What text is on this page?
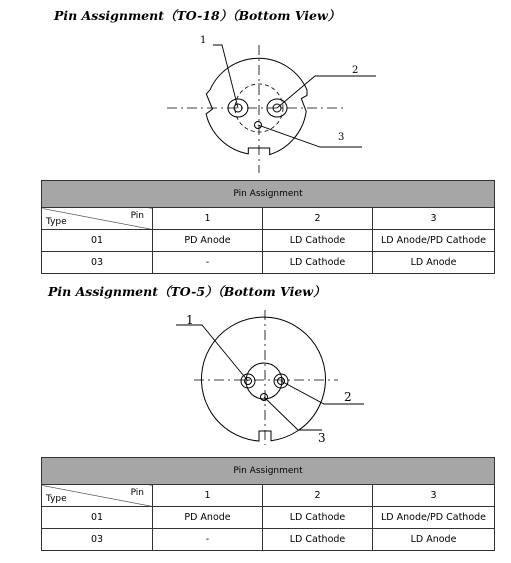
Pin Assignment（TO-18）（Bottom View）
1
2
3
Pin Assignment			

Type
Pin	1	2	3
01	PD Anode	LD Cathode	LD Anode/PD Cathode
03	-	LD Cathode	LD Anode
Pin Assignment（TO-5）（Bottom View）
1
2
3
Pin Assignment			

Type
Pin	1	2	3
01	PD Anode	LD Cathode	LD Anode/PD Cathode
03	-	LD Cathode	LD Anode
